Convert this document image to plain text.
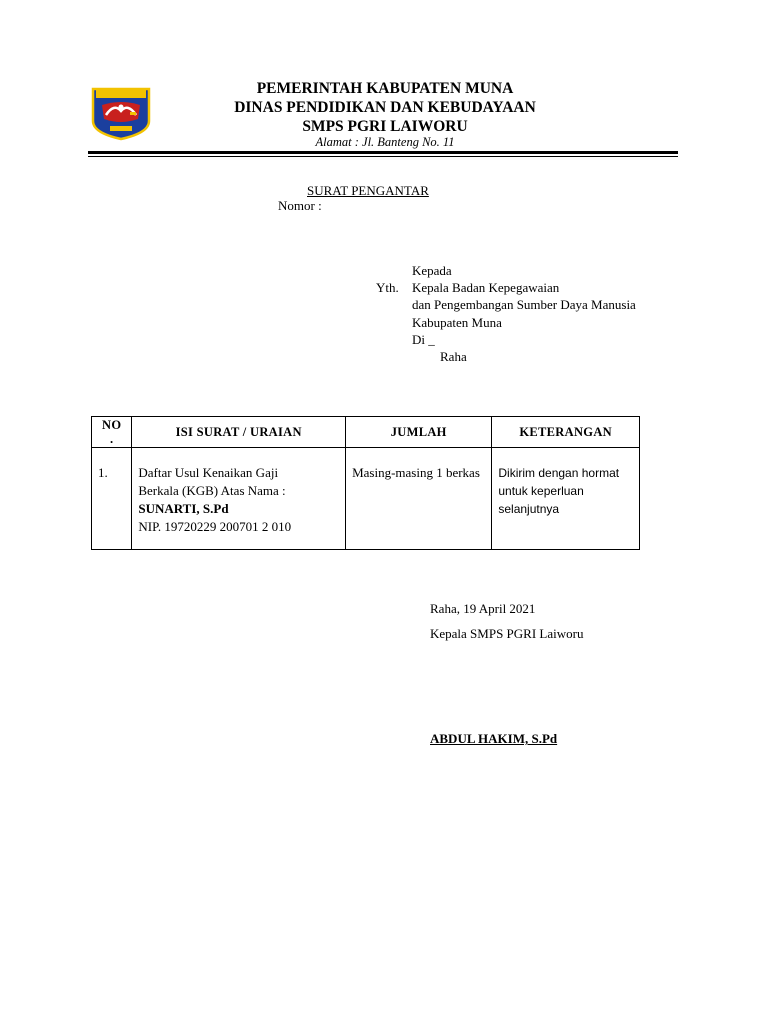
PEMERINTAH KABUPATEN MUNA
DINAS PENDIDIKAN DAN KEBUDAYAAN
SMPS PGRI LAIWORU
Alamat : Jl. Banteng No. 11
SURAT PENGANTAR
Nomor :
Kepada
Yth. Kepala Badan Kepegawaian
dan Pengembangan Sumber Daya Manusia
Kabupaten Muna
Di _
Raha
NO .	ISI SURAT / URAIAN	JUMLAH	KETERANGAN
1.	Daftar Usul Kenaikan Gaji
Berkala (KGB) Atas Nama :
SUNARTI, S.Pd
NIP. 19720229 200701 2 010	Masing-masing 1 berkas	Dikirim dengan hormat untuk keperluan selanjutnya
Raha, 19 April 2021
Kepala SMPS PGRI Laiworu
ABDUL HAKIM, S.Pd
